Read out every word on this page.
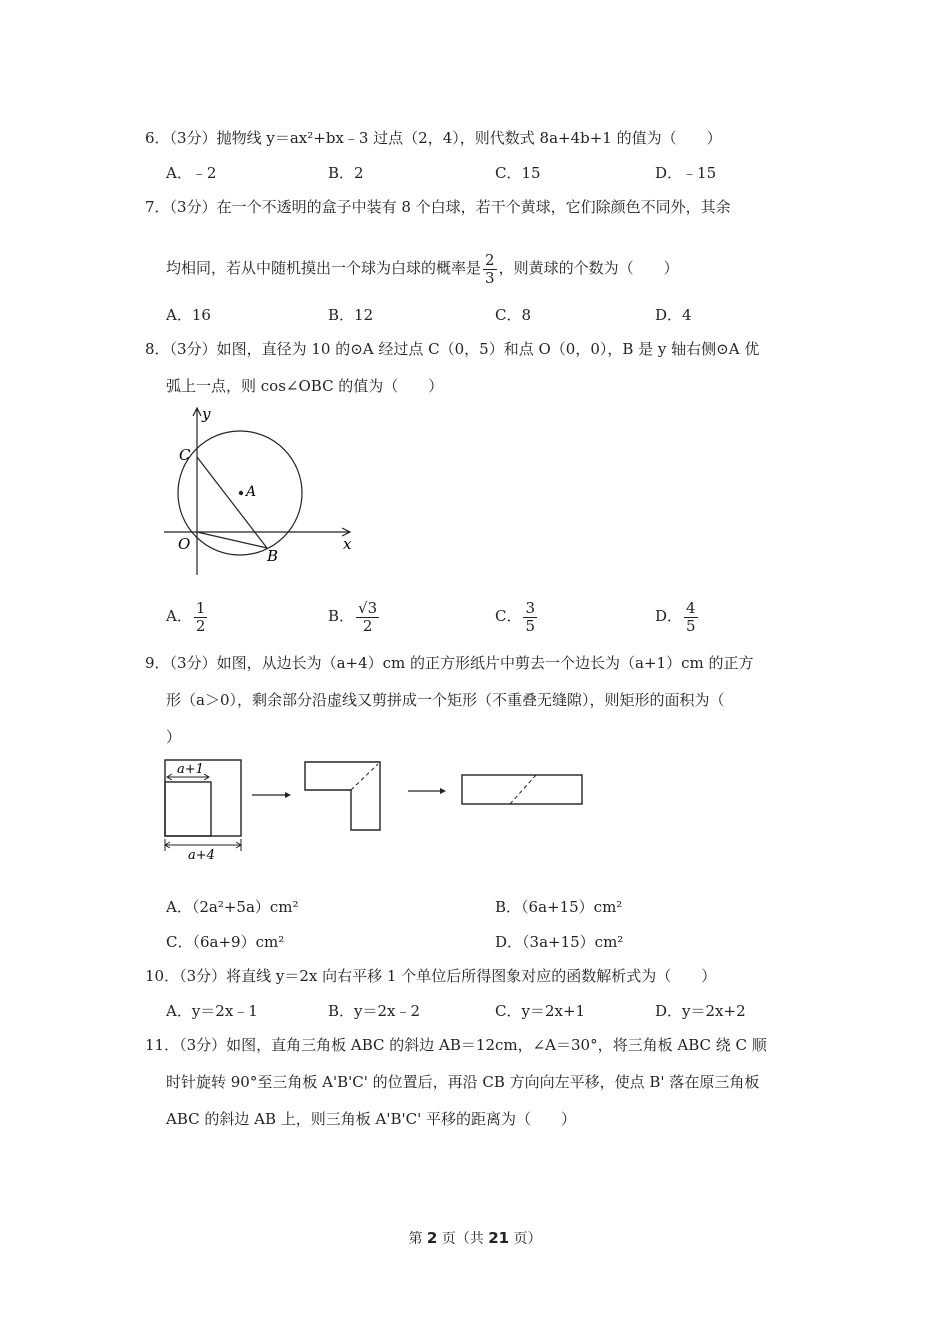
6．（3分）抛物线 y＝ax²+bx﹣3 过点（2，4），则代数式 8a+4b+1 的值为（　　）
A．﹣2	B．2	C．15	D．﹣15
7．（3分）在一个不透明的盒子中装有 8 个白球，若干个黄球，它们除颜色不同外，其余
均相同，若从中随机摸出一个球为白球的概率是 $\frac{2}{3}$ ，则黄球的个数为（　　）
A．16	B．12	C．8	D．4
8．（3分）如图，直径为 10 的⊙A 经过点 C（0，5）和点 O（0，0），B 是 y 轴右侧⊙A 优
弧上一点，则 cos∠OBC 的值为（　　）
y
x
C
A
O
B
A． $\frac{1}{2}$	B． $\frac{√3}{2}$	C． $\frac{3}{5}$	D． $\frac{4}{5}$
9．（3分）如图，从边长为（a+4）cm 的正方形纸片中剪去一个边长为（a+1）cm 的正方
形（a＞0），剩余部分沿虚线又剪拼成一个矩形（不重叠无缝隙），则矩形的面积为（
）
a+1
a+4
A．（2a²+5a）cm²	B．（6a+15）cm²
C．（6a+9）cm²	D．（3a+15）cm²
10．（3分）将直线 y＝2x 向右平移 1 个单位后所得图象对应的函数解析式为（　　）
A．y＝2x﹣1	B．y＝2x﹣2	C．y＝2x+1	D．y＝2x+2
11．（3分）如图，直角三角板 ABC 的斜边 AB＝12cm，∠A＝30°，将三角板 ABC 绕 C 顺
时针旋转 90°至三角板 A'B'C' 的位置后，再沿 CB 方向向左平移，使点 B' 落在原三角板
ABC 的斜边 AB 上，则三角板 A'B'C' 平移的距离为（　　）
第 2 页（共 21 页）
